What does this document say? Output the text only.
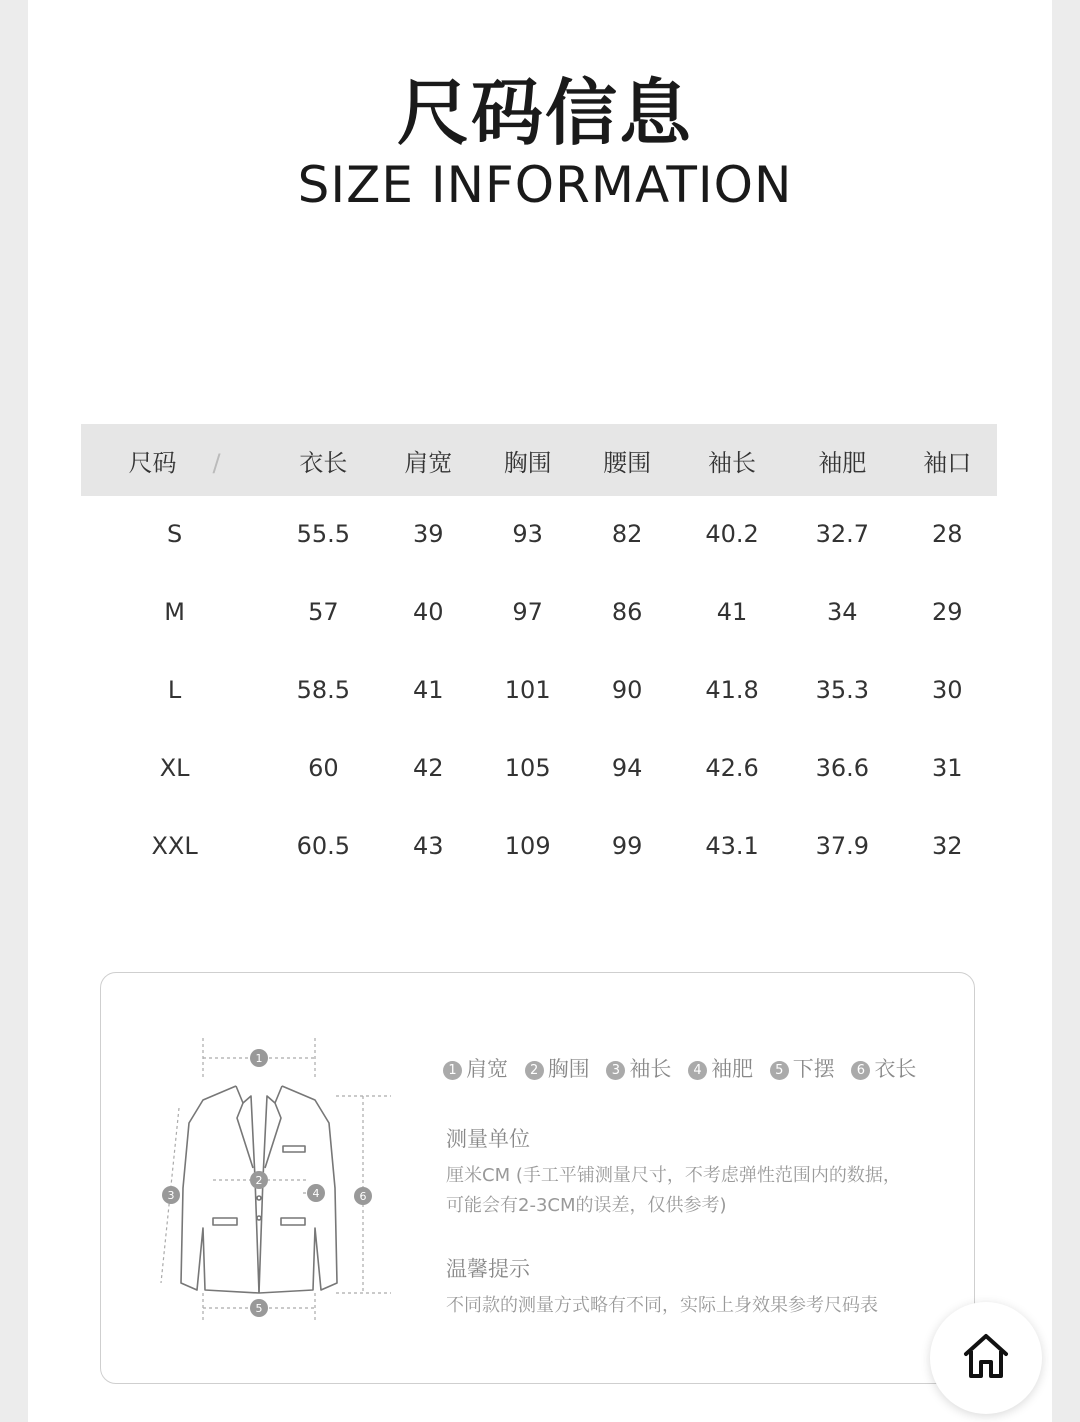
尺码信息
SIZE INFORMATION
尺码 /	衣长	肩宽	胸围	腰围	袖长	袖肥	袖口
S	55.5	39	93	82	40.2	32.7	28
M	57	40	97	86	41	34	29
L	58.5	41	101	90	41.8	35.3	30
XL	60	42	105	94	42.6	36.6	31
XXL	60.5	43	109	99	43.1	37.9	32
1
2
3	4
5
6
1 肩宽 2 胸围 3 袖长 4 袖肥 5 下摆 6 衣长
测量单位
厘米CM (手工平铺测量尺寸，不考虑弹性范围内的数据，
可能会有2-3CM的误差，仅供参考)
温馨提示
不同款的测量方式略有不同，实际上身效果参考尺码表
